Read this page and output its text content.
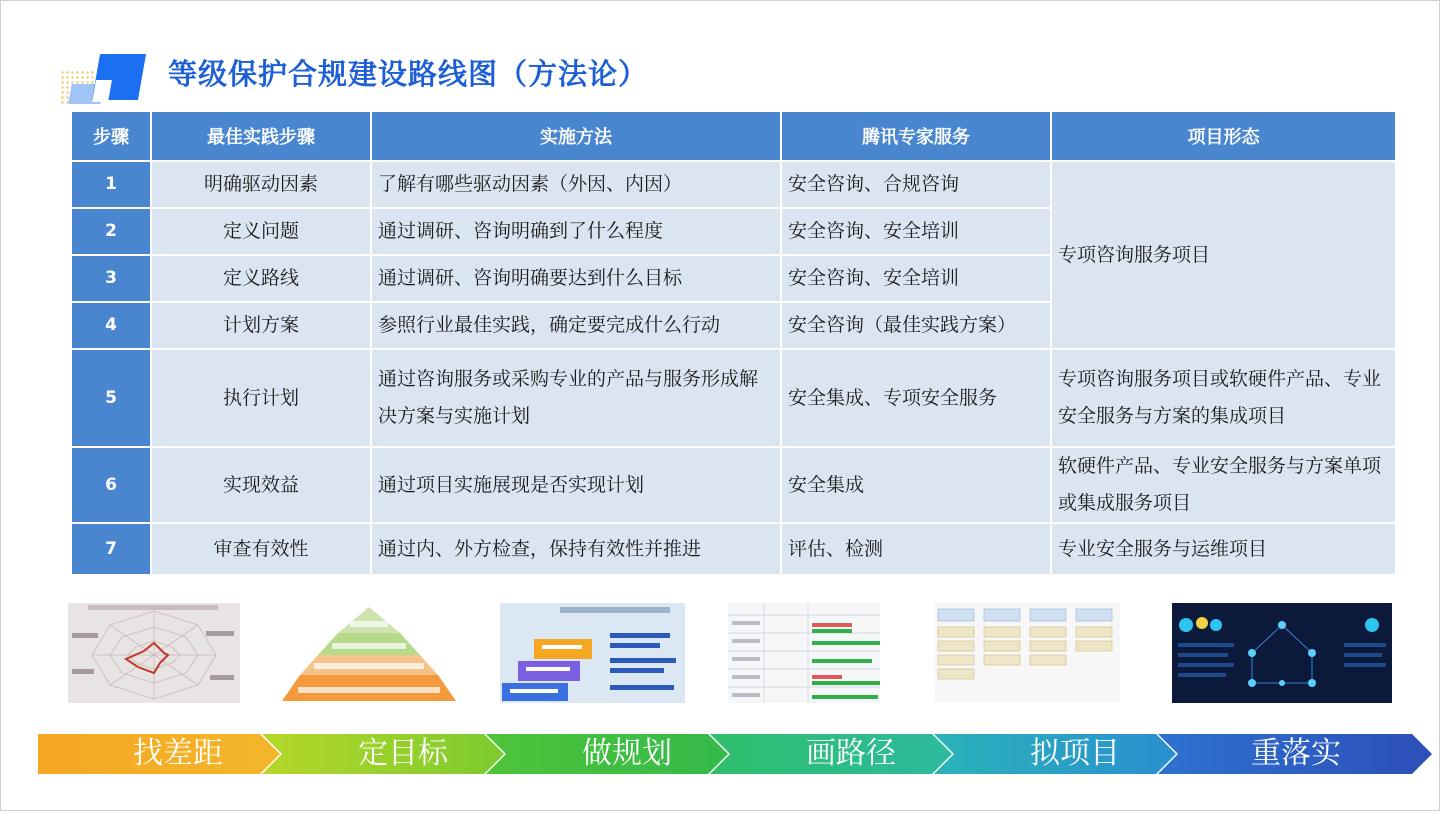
等级保护合规建设路线图（方法论）
步骤	最佳实践步骤	实施方法	腾讯专家服务	项目形态
1	明确驱动因素	了解有哪些驱动因素（外因、内因）	安全咨询、合规咨询	专项咨询服务项目
2	定义问题	通过调研、咨询明确到了什么程度	安全咨询、安全培训	
3	定义路线	通过调研、咨询明确要达到什么目标	安全咨询、安全培训	
4	计划方案	参照行业最佳实践，确定要完成什么行动	安全咨询（最佳实践方案）	
5	执行计划	通过咨询服务或采购专业的产品与服务形成解决方案与实施计划	安全集成、专项安全服务	专项咨询服务项目或软硬件产品、专业安全服务与方案的集成项目
6	实现效益	通过项目实施展现是否实现计划	安全集成	软硬件产品、专业安全服务与方案单项或集成服务项目
7	审查有效性	通过内、外方检查，保持有效性并推进	评估、检测	专业安全服务与运维项目
找差距	定目标	做规划	画路径	拟项目	重落实
